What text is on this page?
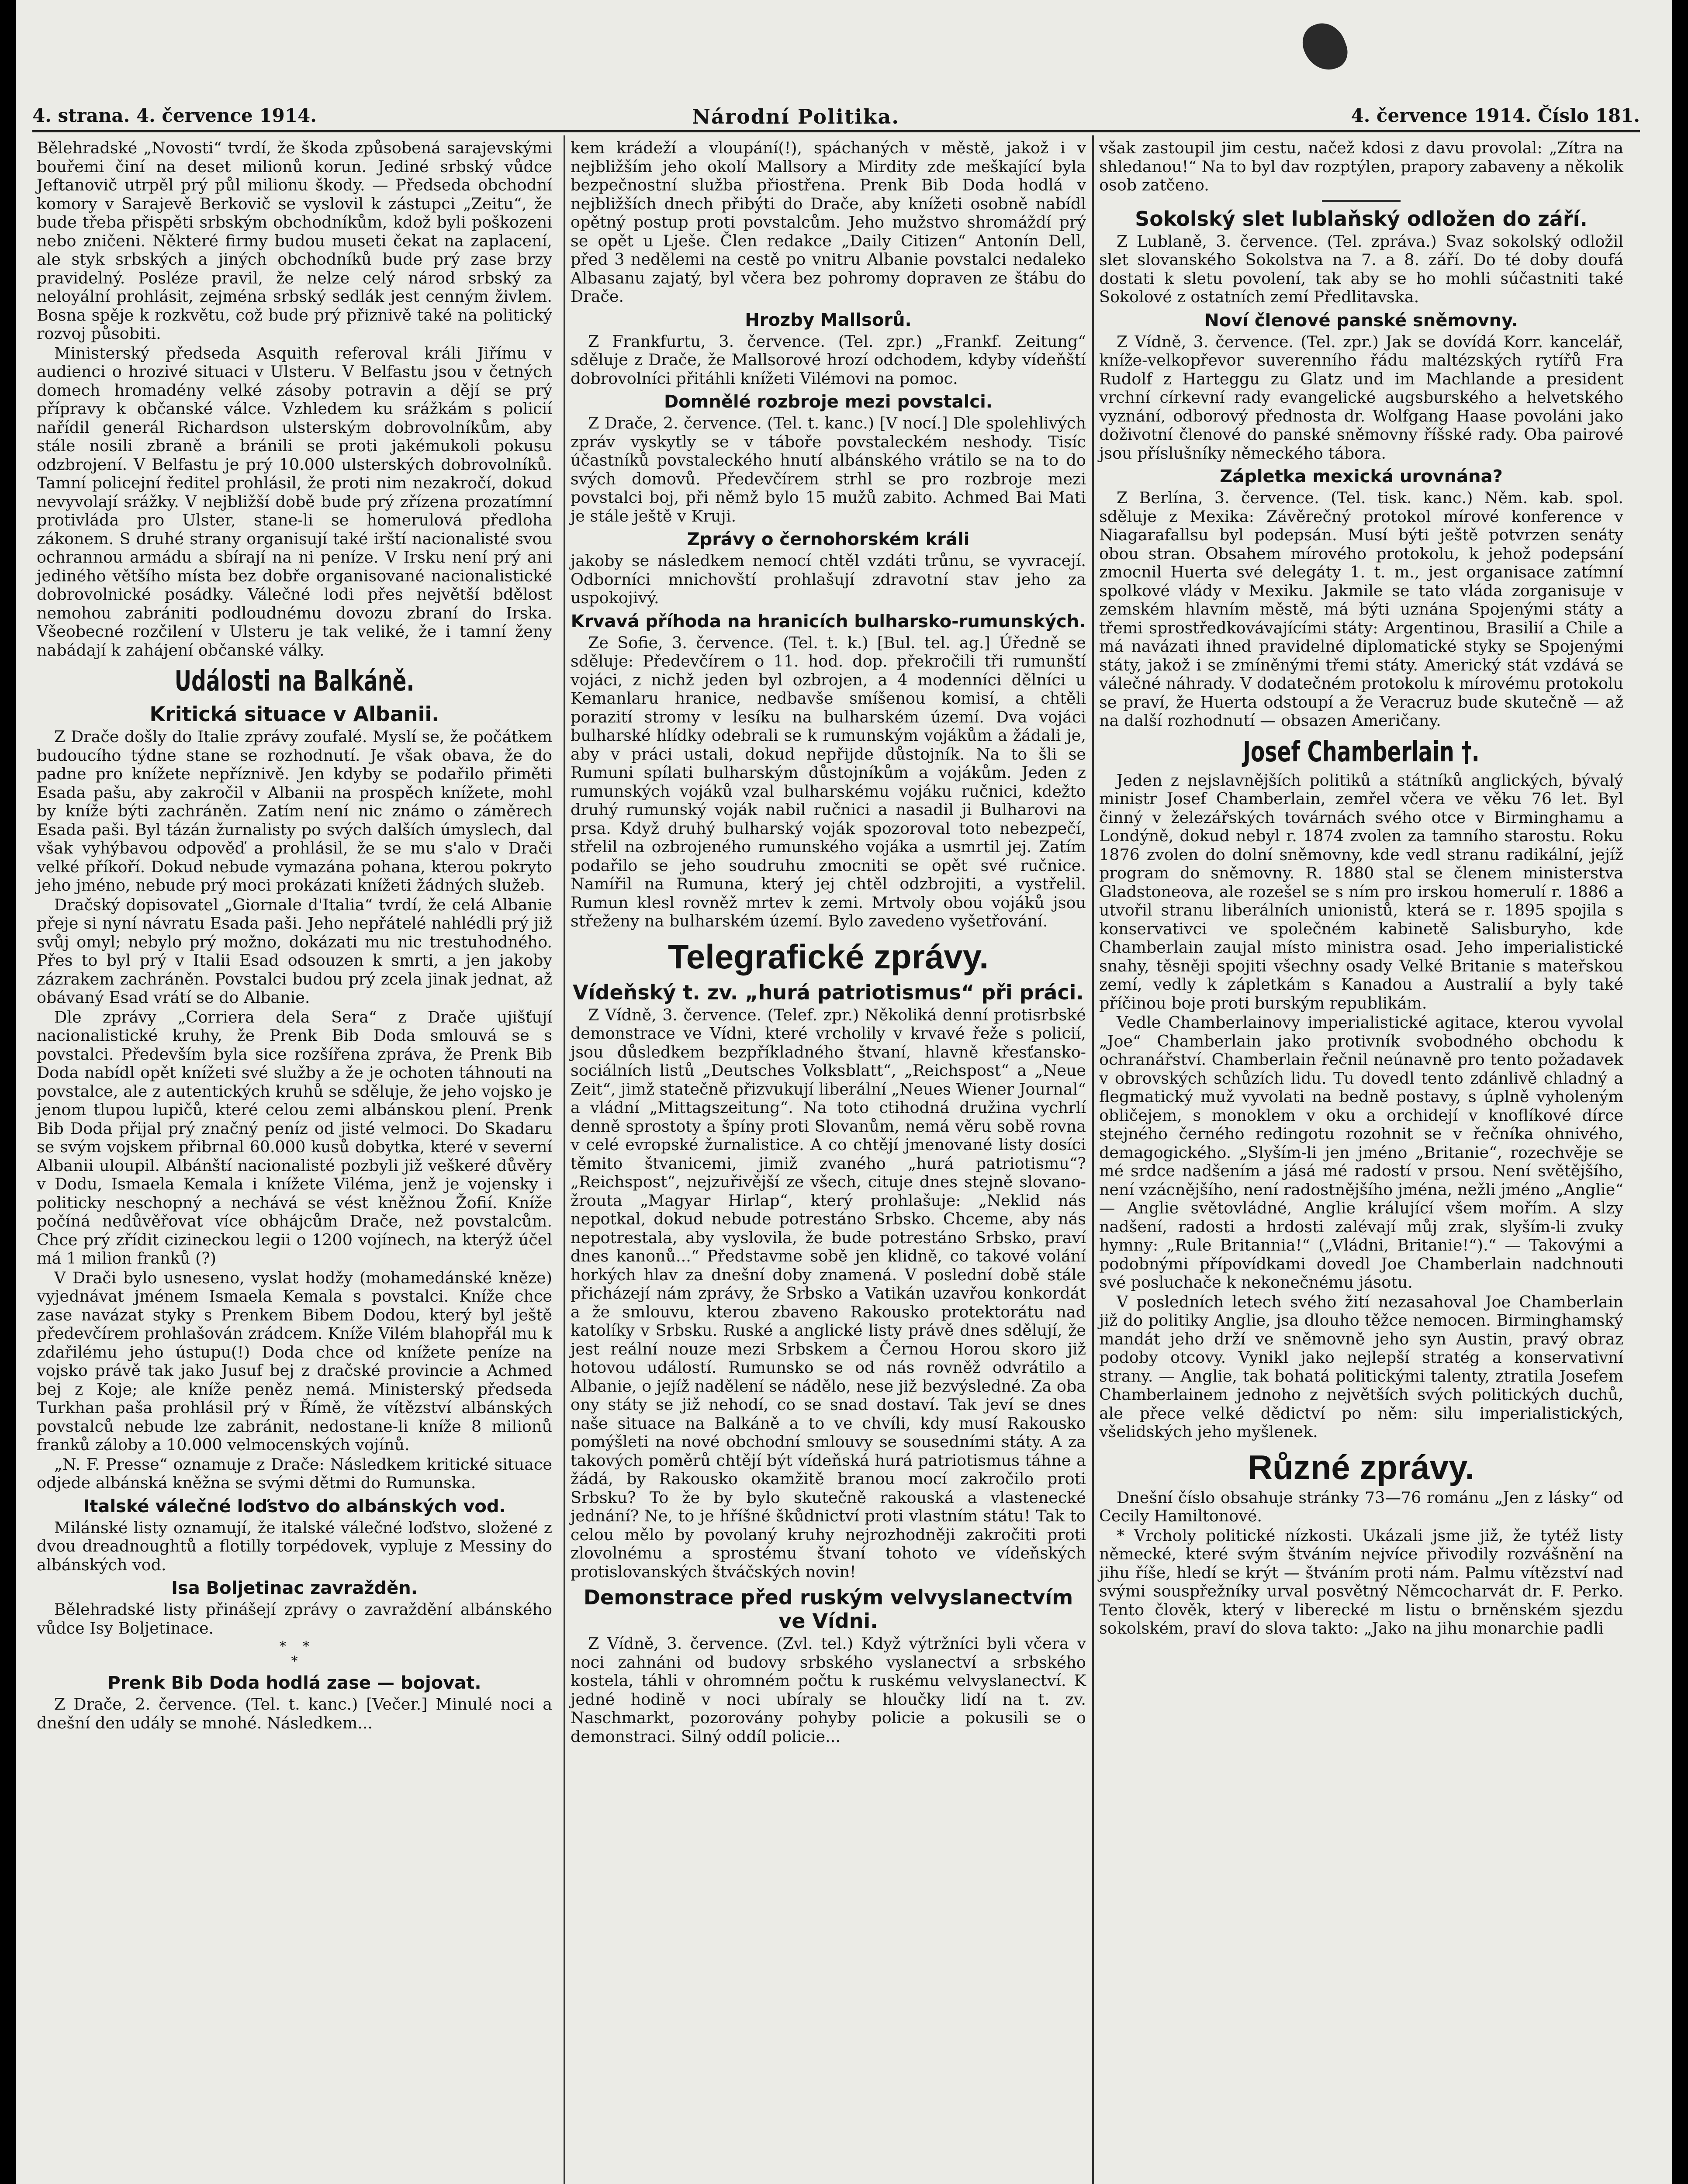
4. strana. 4. července 1914.	Národní Politika.	4. července 1914. Číslo 181.

Bělehradské „Novosti“ tvrdí, že škoda způsobená sarajevskými bouřemi činí na deset milionů korun. Jediné srbský vůdce Jeftanovič utrpěl prý půl milionu škody. — Předseda obchodní komory v Sarajevě Berkovič se vyslovil k zástupci „Zeitu“, že bude třeba přispěti srbským obchodníkům, kdož byli poškozeni nebo zničeni. Některé firmy budou museti čekat na zaplacení, ale styk srbských a jiných obchodníků bude prý zase brzy pravidelný. Posléze pravil, že nelze celý národ srbský za neloyální prohlásit, zejména srbský sedlák jest cenným živlem. Bosna spěje k rozkvětu, což bude prý přiznivě také na politický rozvoj působiti.

Ministerský předseda Asquith referoval králi Jiřímu v audienci o hrozivé situaci v Ulsteru. V Belfastu jsou v četných domech hromadény velké zásoby potravin a dějí se prý přípravy k občanské válce. Vzhledem ku srážkám s policií nařídil generál Richardson ulsterským dobrovolníkům, aby stále nosili zbraně a bránili se proti jakémukoli pokusu odzbrojení. V Belfastu je prý 10.000 ulsterských dobrovolníků. Tamní policejní ředitel prohlásil, že proti nim nezakročí, dokud nevyvolají srážky. V nejbližší době bude prý zřízena prozatímní protivláda pro Ulster, stane-li se homerulová předloha zákonem. S druhé strany organisují také irští nacionalisté svou ochrannou armádu a sbírají na ni peníze. V Irsku není prý ani jediného většího místa bez dobře organisované nacionalistické dobrovolnické posádky. Válečné lodi přes největší bdělost nemohou zabrániti podloudnému dovozu zbraní do Irska. Všeobecné rozčilení v Ulsteru je tak veliké, že i tamní ženy nabádají k zahájení občanské války.

Události na Balkáně.
Kritická situace v Albanii.

Z Drače došly do Italie zprávy zoufalé. Myslí se, že počátkem budoucího týdne stane se rozhodnutí. Je však obava, že do padne pro knížete nepříznivě. Jen kdyby se podařilo přiměti Esada pašu, aby zakročil v Albanii na prospěch knížete, mohl by kníže býti zachráněn. Zatím není nic známo o záměrech Esada paši. Byl tázán žurnalisty po svých dalších úmyslech, dal však vyhýbavou odpověď a prohlásil, že se mu s'alo v Drači velké příkoří. Dokud nebude vymazána pohana, kterou pokryto jeho jméno, nebude prý moci prokázati knížeti žádných služeb.

Dračský dopisovatel „Giornale d'Italia“ tvrdí, že celá Albanie přeje si nyní návratu Esada paši. Jeho nepřátelé nahlédli prý již svůj omyl; nebylo prý možno, dokázati mu nic trestuhodného. Přes to byl prý v Italii Esad odsouzen k smrti, a jen jakoby zázrakem zachráněn. Povstalci budou prý zcela jinak jednat, až obávaný Esad vrátí se do Albanie.

Dle zprávy „Corriera dela Sera“ z Drače ujišťují nacionalistické kruhy, že Prenk Bib Doda smlouvá se s povstalci. Především byla sice rozšířena zpráva, že Prenk Bib Doda nabídl opět knížeti své služby a že je ochoten táhnouti na povstalce, ale z autentických kruhů se sděluje, že jeho vojsko je jenom tlupou lupičů, které celou zemi albánskou plení. Prenk Bib Doda přijal prý značný peníz od jisté velmoci. Do Skadaru se svým vojskem přibrnal 60.000 kusů dobytka, které v severní Albanii uloupil. Albánští nacionalisté pozbyli již veškeré důvěry v Dodu, Ismaela Kemala i knížete Viléma, jenž je vojensky i politicky neschopný a nechává se vést kněžnou Žofií. Kníže počíná nedůvěřovat více obhájcům Drače, než povstalcům. Chce prý zřídit cizineckou legii o 1200 vojínech, na kterýž účel má 1 milion franků (?)

V Drači bylo usneseno, vyslat hodžy (mohamedánské kněze) vyjednávat jménem Ismaela Kemala s povstalci. Kníže chce zase navázat styky s Prenkem Bibem Dodou, který byl ještě předevčírem prohlašován zrádcem. Kníže Vilém blahopřál mu k zdařilému jeho ústupu(!) Doda chce od knížete peníze na vojsko právě tak jako Jusuf bej z dračské provincie a Achmed bej z Koje; ale kníže peněz nemá. Ministerský předseda Turkhan paša prohlásil prý v Římě, že vítězství albánských povstalců nebude lze zabránit, nedostane-li kníže 8 milionů franků záloby a 10.000 velmocenských vojínů.

„N. F. Presse“ oznamuje z Drače: Následkem kritické situace odjede albánská kněžna se svými dětmi do Rumunska.

Italské válečné loďstvo do albánských vod.

Milánské listy oznamují, že italské válečné loďstvo, složené z dvou dreadnoughtů a flotilly torpédovek, vypluje z Messiny do albánských vod.

Isa Boljetinac zavražděn.

Bělehradské listy přinášejí zprávy o zavraždění albánského vůdce Isy Boljetinace.

*    *
*
Prenk Bib Doda hodlá zase — bojovat.

Z Drače, 2. července. (Tel. t. kanc.) [Večer.] Minulé noci a dnešní den udály se mnohé. Následkem...

kem krádeží a vloupání(!), spáchaných v městě, jakož i v nejbližším jeho okolí Mallsory a Mirdity zde meškající byla bezpečnostní služba přiostřena. Prenk Bib Doda hodlá v nejbližších dnech přibýti do Drače, aby knížeti osobně nabídl opětný postup proti povstalcům. Jeho mužstvo shromáždí prý se opět u Lješe. Člen redakce „Daily Citizen“ Antonín Dell, před 3 nedělemi na cestě po vnitru Albanie povstalci nedaleko Albasanu zajatý, byl včera bez pohromy dopraven ze štábu do Drače.

Hrozby Mallsorů.

Z Frankfurtu, 3. července. (Tel. zpr.) „Frankf. Zeitung“ sděluje z Drače, že Mallsorové hrozí odchodem, kdyby vídeňští dobrovolníci přitáhli knížeti Vilémovi na pomoc.

Domnělé rozbroje mezi povstalci.

Z Drače, 2. července. (Tel. t. kanc.) [V nocí.] Dle spolehlivých zpráv vyskytly se v táboře povstaleckém neshody. Tisíc účastníků povstaleckého hnutí albánského vrátilo se na to do svých domovů. Předevčírem strhl se pro rozbroje mezi povstalci boj, při němž bylo 15 mužů zabito. Achmed Bai Mati je stále ještě v Kruji.

Zprávy o černohorském králi

jakoby se následkem nemocí chtěl vzdáti trůnu, se vyvracejí. Odborníci mnichovští prohlašují zdravotní stav jeho za uspokojivý.

Krvavá příhoda na hranicích bulharsko-rumunských.

Ze Sofie, 3. července. (Tel. t. k.) [Bul. tel. ag.] Úředně se sděluje: Předevčírem o 11. hod. dop. překročili tři rumunští vojáci, z nichž jeden byl ozbrojen, a 4 modenníci dělníci u Kemanlaru hranice, nedbavše smíšenou komisí, a chtěli porazití stromy v lesíku na bulharském území. Dva vojáci bulharské hlídky odebrali se k rumunským vojákům a žádali je, aby v práci ustali, dokud nepřijde důstojník. Na to šli se Rumuni spílati bulharským důstojníkům a vojákům. Jeden z rumunských vojáků vzal bulharskému vojáku ručnici, kdežto druhý rumunský voják nabil ručnici a nasadil ji Bulharovi na prsa. Když druhý bulharský voják spozoroval toto nebezpečí, střelil na ozbrojeného rumunského vojáka a usmrtil jej. Zatím podařilo se jeho soudruhu zmocniti se opět své ručnice. Namířil na Rumuna, který jej chtěl odzbrojiti, a vystřelil. Rumun klesl rovněž mrtev k zemi. Mrtvoly obou vojáků jsou střeženy na bulharském území. Bylo zavedeno vyšetřování.

Telegrafické zprávy.
Vídeňský t. zv. „hurá patriotismus“ při práci.

Z Vídně, 3. července. (Telef. zpr.) Několiká denní protisrbské demonstrace ve Vídni, které vrcholily v krvavé řeže s policií, jsou důsledkem bezpříkladného štvaní, hlavně křesťansko-sociálních listů „Deutsches Volksblatt“, „Reichspost“ a „Neue Zeit“, jimž statečně přizvukují liberální „Neues Wiener Journal“ a vládní „Mittagszeitung“. Na toto ctihodná družina vychrlí denně sprostoty a špíny proti Slovanům, nemá věru sobě rovna v celé evropské žurnalistice. A co chtějí jmenované listy dosíci těmito štvanicemi, jimiž zvaného „hurá patriotismu“? „Reichspost“, nejzuřivější ze všech, cituje dnes stejně slovano-žrouta „Magyar Hirlap“, který prohlašuje: „Neklid nás nepotkal, dokud nebude potrestáno Srbsko. Chceme, aby nás nepotrestala, aby vyslovila, že bude potrestáno Srbsko, praví dnes kanonů...“ Představme sobě jen klidně, co takové volání horkých hlav za dnešní doby znamená. V poslední době stále přicházejí nám zprávy, že Srbsko a Vatikán uzavřou konkordát a že smlouvu, kterou zbaveno Rakousko protektorátu nad katolíky v Srbsku. Ruské a anglické listy právě dnes sdělují, že jest reální nouze mezi Srbskem a Černou Horou skoro již hotovou událostí. Rumunsko se od nás rovněž odvrátilo a Albanie, o jejíž nadělení se nádělo, nese již bezvýsledné. Za oba ony státy se již nehodí, co se snad dostaví. Tak jeví se dnes naše situace na Balkáně a to ve chvíli, kdy musí Rakousko pomýšleti na nové obchodní smlouvy se sousedními státy. A za takových poměrů chtějí být vídeňská hurá patriotismus táhne a žádá, by Rakousko okamžitě branou mocí zakročilo proti Srbsku? To že by bylo skutečně rakouská a vlastenecké jednání? Ne, to je hříšné škůdnictví proti vlastním státu! Tak to celou mělo by povolaný kruhy nejrozhodněji zakročiti proti zlovolnému a sprostému štvaní tohoto ve vídeňských protislovanských štváčských novin!

Demonstrace před ruským velvyslanectvím ve Vídni.

Z Vídně, 3. července. (Zvl. tel.) Když výtržníci byli včera v noci zahnáni od budovy srbského vyslanectví a srbského kostela, táhli v ohromném počtu k ruskému velvyslanectví. K jedné hodině v noci ubíraly se hloučky lidí na t. zv. Naschmarkt, pozorovány pohyby policie a pokusili se o demonstraci. Silný oddíl policie...

však zastoupil jim cestu, načež kdosi z davu provolal: „Zítra na shledanou!“ Na to byl dav rozptýlen, prapory zabaveny a několik osob zatčeno.

Sokolský slet lublaňský odložen do září.

Z Lublaně, 3. července. (Tel. zpráva.) Svaz sokolský odložil slet slovanského Sokolstva na 7. a 8. září. Do té doby doufá dostati k sletu povolení, tak aby se ho mohli súčastniti také Sokolové z ostatních zemí Předlitavska.

Noví členové panské sněmovny.

Z Vídně, 3. července. (Tel. zpr.) Jak se dovídá Korr. kancelář, kníže-velkopřevor suverenního řádu maltézských rytířů Fra Rudolf z Harteggu zu Glatz und im Machlande a president vrchní církevní rady evangelické augsburského a helvetského vyznání, odborový přednosta dr. Wolfgang Haase povoláni jako doživotní členové do panské sněmovny říšské rady. Oba pairové jsou příslušníky německého tábora.

Zápletka mexická urovnána?

Z Berlína, 3. července. (Tel. tisk. kanc.) Něm. kab. spol. sděluje z Mexika: Závěrečný protokol mírové konference v Niagarafallsu byl podepsán. Musí býti ještě potvrzen senáty obou stran. Obsahem mírového protokolu, k jehož podepsání zmocnil Huerta své delegáty 1. t. m., jest organisace zatímní spolkové vlády v Mexiku. Jakmile se tato vláda zorganisuje v zemském hlavním městě, má býti uznána Spojenými státy a třemi sprostředkovávajícími státy: Argentinou, Brasilií a Chile a má navázati ihned pravidelné diplomatické styky se Spojenými státy, jakož i se zmíněnými třemi státy. Americký stát vzdává se válečné náhrady. V dodatečném protokolu k mírovému protokolu se praví, že Huerta odstoupí a že Veracruz bude skutečně — až na další rozhodnutí — obsazen Američany.

Josef Chamberlain †.

Jeden z nejslavnějších politiků a státníků anglických, bývalý ministr Josef Chamberlain, zemřel včera ve věku 76 let. Byl činný v železářských továrnách svého otce v Birminghamu a Londýně, dokud nebyl r. 1874 zvolen za tamního starostu. Roku 1876 zvolen do dolní sněmovny, kde vedl stranu radikální, jejíž program do sněmovny. R. 1880 stal se členem ministerstva Gladstoneova, ale rozešel se s ním pro irskou homerulí r. 1886 a utvořil stranu liberálních unionistů, která se r. 1895 spojila s konservativci ve společném kabinetě Salisburyho, kde Chamberlain zaujal místo ministra osad. Jeho imperialistické snahy, těsněji spojiti všechny osady Velké Britanie s mateřskou zemí, vedly k zápletkám s Kanadou a Australií a byly také příčinou boje proti burským republikám.

Vedle Chamberlainovy imperialistické agitace, kterou vyvolal „Joe“ Chamberlain jako protivník svobodného obchodu k ochranářství. Chamberlain řečnil neúnavně pro tento požadavek v obrovských schůzích lidu. Tu dovedl tento zdánlivě chladný a flegmatický muž vyvolati na bedně postavy, s úplně vyholeným obličejem, s monoklem v oku a orchidejí v knoflíkové dírce stejného černého redingotu rozohnit se v řečníka ohnivého, demagogického. „Slyším-li jen jméno „Britanie“, rozechvěje se mé srdce nadšením a jásá mé radostí v prsou. Není světějšího, není vzácnějšího, není radostnějšího jména, nežli jméno „Anglie“ — Anglie světovládné, Anglie králující všem mořím. A slzy nadšení, radosti a hrdosti zalévají můj zrak, slyším-li zvuky hymny: „Rule Britannia!“ („Vládni, Britanie!“).“ — Takovými a podobnými přípovídkami dovedl Joe Chamberlain nadchnouti své posluchače k nekonečnému jásotu.

V posledních letech svého žití nezasahoval Joe Chamberlain již do politiky Anglie, jsa dlouho těžce nemocen. Birminghamský mandát jeho drží ve sněmovně jeho syn Austin, pravý obraz podoby otcovy. Vynikl jako nejlepší stratég a konservativní strany. — Anglie, tak bohatá politickými talenty, ztratila Josefem Chamberlainem jednoho z největších svých politických duchů, ale přece velké dědictví po něm: silu imperialistických, všelidských jeho myšlenek.

Různé zprávy.

Dnešní číslo obsahuje stránky 73—76 románu „Jen z lásky“ od Cecily Hamiltonové.

* Vrcholy politické nízkosti. Ukázali jsme již, že tytéž listy německé, které svým štváním nejvíce přivodily rozvášnění na jihu říše, hledí se krýt — štváním proti nám. Palmu vítězství nad svými souspřežníky urval posvětný Němcocharvát dr. F. Perko. Tento člověk, který v liberecké m listu o brněnském sjezdu sokolském, praví do slova takto: „Jako na jihu monarchie padli
